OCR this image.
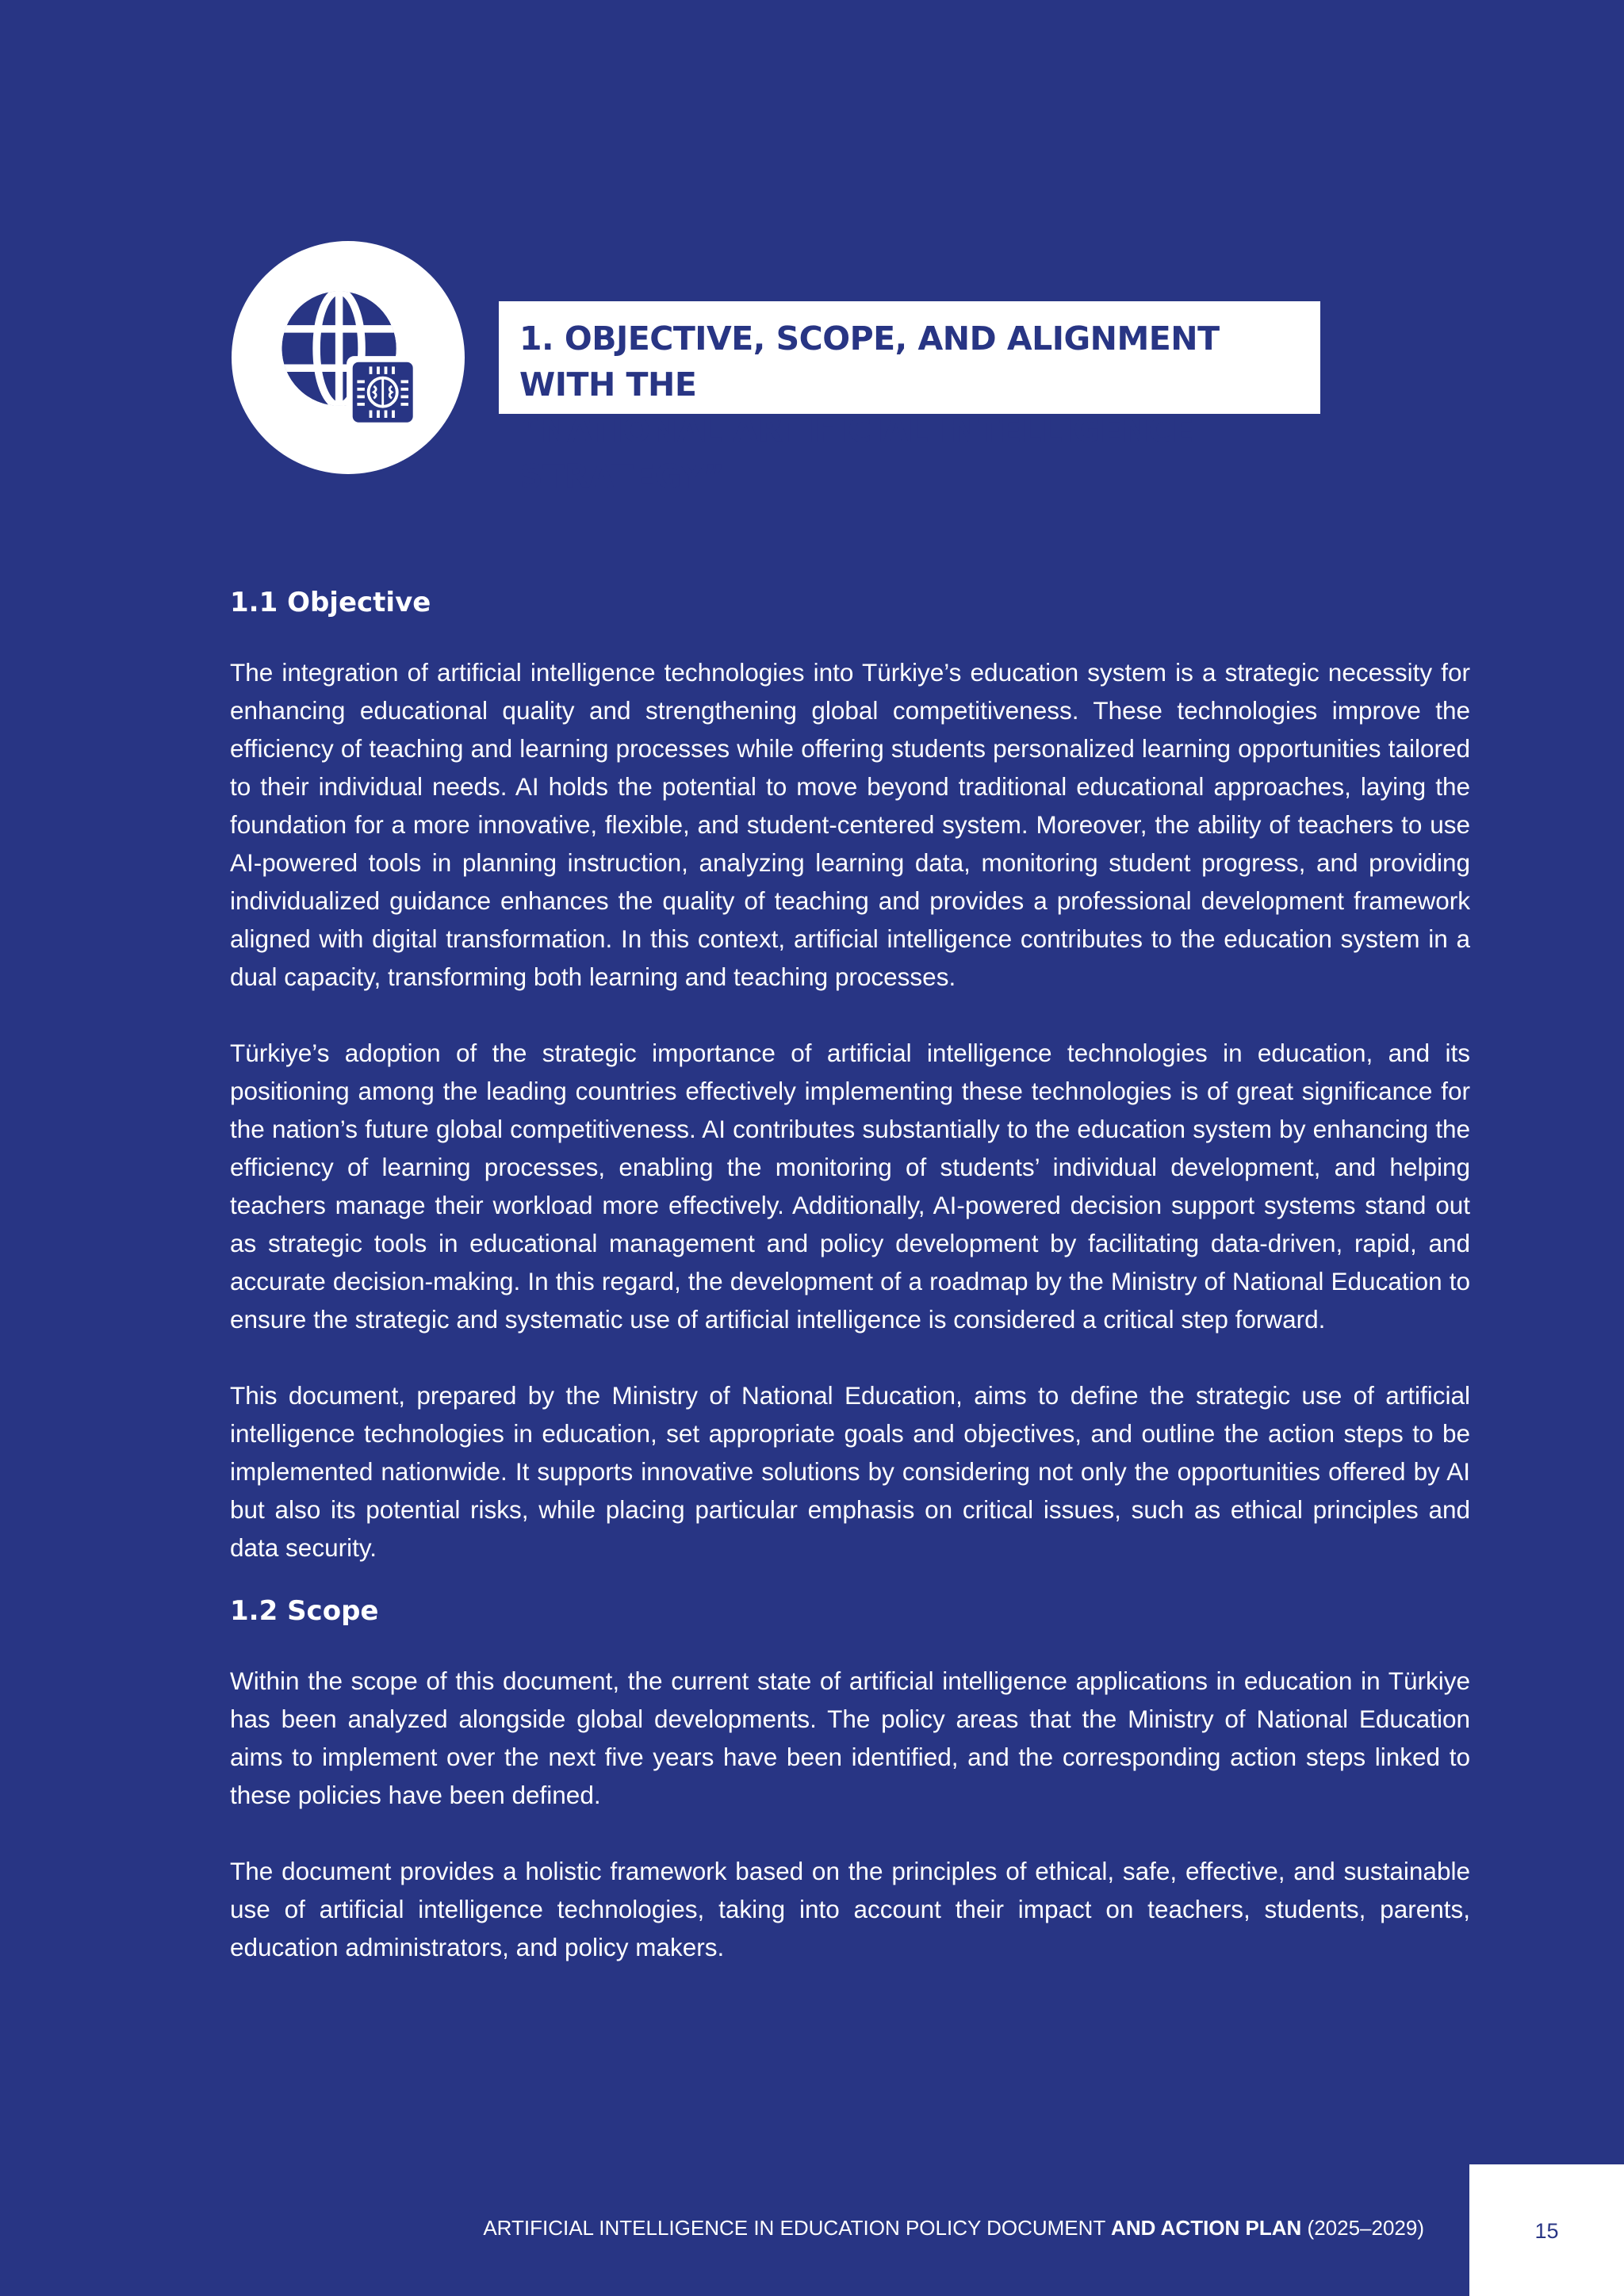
1. OBJECTIVE, SCOPE, AND ALIGNMENT WITH THE
“NATIONAL ARTIFICIAL INTELLIGENCE STRATEGY”
1.1 Objective

The integration of artificial intelligence technologies into Türkiye’s education system is a strategic necessity for enhancing educational quality and strengthening global competitiveness. These technologies improve the efficiency of teaching and learning processes while offering students personalized learning opportunities tailored to their individual needs. AI holds the potential to move beyond traditional educational approaches, laying the foundation for a more innovative, flexible, and student-centered system. Moreover, the ability of teachers to use AI-powered tools in planning instruction, analyzing learning data, monitoring student progress, and providing individualized guidance enhances the quality of teaching and provides a professional development framework aligned with digital transformation. In this context, artificial intelligence contributes to the education system in a dual capacity, transforming both learning and teaching processes.

Türkiye’s adoption of the strategic importance of artificial intelligence technologies in education, and its positioning among the leading countries effectively implementing these technologies is of great significance for the nation’s future global competitiveness. AI contributes substantially to the education system by enhancing the efficiency of learning processes, enabling the monitoring of students’ individual development, and helping teachers manage their workload more effectively. Additionally, AI-powered decision support systems stand out as strategic tools in educational management and policy development by facilitating data-driven, rapid, and accurate decision-making. In this regard, the development of a roadmap by the Ministry of National Education to ensure the strategic and systematic use of artificial intelligence is considered a critical step forward.

This document, prepared by the Ministry of National Education, aims to define the strategic use of artificial intelligence technologies in education, set appropriate goals and objectives, and outline the action steps to be implemented nationwide. It supports innovative solutions by considering not only the opportunities offered by AI but also its potential risks, while placing particular emphasis on critical issues, such as ethical principles and data security.

1.2 Scope

Within the scope of this document, the current state of artificial intelligence applications in education in Türkiye has been analyzed alongside global developments. The policy areas that the Ministry of National Education aims to implement over the next five years have been identified, and the corresponding action steps linked to these policies have been defined.

The document provides a holistic framework based on the principles of ethical, safe, effective, and sustainable use of artificial intelligence technologies, taking into account their impact on teachers, students, parents, education administrators, and policy makers.

ARTIFICIAL INTELLIGENCE IN EDUCATION POLICY DOCUMENT AND ACTION PLAN (2025–2029)	15
